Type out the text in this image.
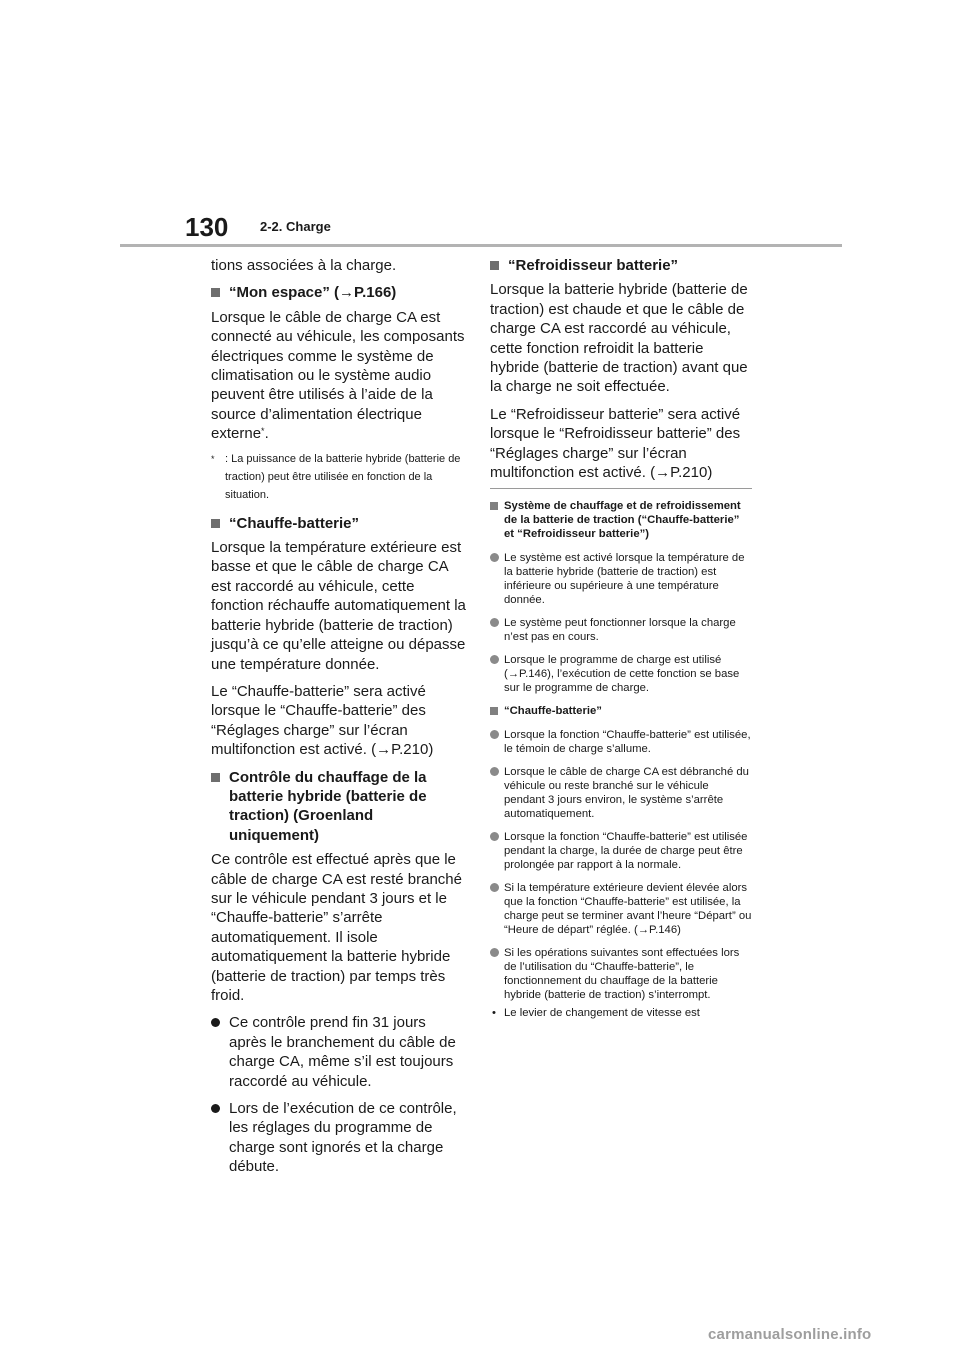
130 2-2. Charge

tions associées à la charge.

“Mon espace” (→P.166)

Lorsque le câble de charge CA est connecté au véhicule, les composants électriques comme le système de climatisation ou le système audio peuvent être utilisés à l’aide de la source d’alimentation électrique externe*.

* : La puissance de la batterie hybride (batterie de traction) peut être utilisée en fonction de la situation.
“Chauffe-batterie”

Lorsque la température extérieure est basse et que le câble de charge CA est raccordé au véhicule, cette fonction réchauffe automatiquement la batterie hybride (batterie de traction) jusqu’à ce qu’elle atteigne ou dépasse une température donnée.

Le “Chauffe-batterie” sera activé lorsque le “Chauffe-batterie” des “Réglages charge” sur l’écran multifonction est activé. (→P.210)

Contrôle du chauffage de la batterie hybride (batterie de traction) (Groenland uniquement)

Ce contrôle est effectué après que le câble de charge CA est resté branché sur le véhicule pendant 3 jours et le “Chauffe-batterie” s’arrête automatiquement. Il isole automatiquement la batterie hybride (batterie de traction) par temps très froid.

Ce contrôle prend fin 31 jours après le branchement du câble de charge CA, même s’il est toujours raccordé au véhicule.
Lors de l’exécution de ce contrôle, les réglages du programme de charge sont ignorés et la charge débute.
“Refroidisseur batterie”

Lorsque la batterie hybride (batterie de traction) est chaude et que le câble de charge CA est raccordé au véhicule, cette fonction refroidit la batterie hybride (batterie de traction) avant que la charge ne soit effectuée.

Le “Refroidisseur batterie” sera activé lorsque le “Refroidisseur batterie” des “Réglages charge” sur l’écran multifonction est activé. (→P.210)

Système de chauffage et de refroidissement de la batterie de traction (“Chauffe-batterie” et “Refroidisseur batterie”)
Le système est activé lorsque la température de la batterie hybride (batterie de traction) est inférieure ou supérieure à une température donnée.
Le système peut fonctionner lorsque la charge n’est pas en cours.
Lorsque le programme de charge est utilisé (→P.146), l’exécution de cette fonction se base sur le programme de charge.
“Chauffe-batterie”
Lorsque la fonction “Chauffe-batterie” est utilisée, le témoin de charge s’allume.
Lorsque le câble de charge CA est débranché du véhicule ou reste branché sur le véhicule pendant 3 jours environ, le système s’arrête automatiquement.
Lorsque la fonction “Chauffe-batterie” est utilisée pendant la charge, la durée de charge peut être prolongée par rapport à la normale.
Si la température extérieure devient élevée alors que la fonction “Chauffe-batterie” est utilisée, la charge peut se terminer avant l’heure “Départ” ou “Heure de départ” réglée. (→P.146)
Si les opérations suivantes sont effectuées lors de l’utilisation du “Chauffe-batterie”, le fonctionnement du chauffage de la batterie hybride (batterie de traction) s’interrompt.
• Le levier de changement de vitesse est
carmanualsonline.info
